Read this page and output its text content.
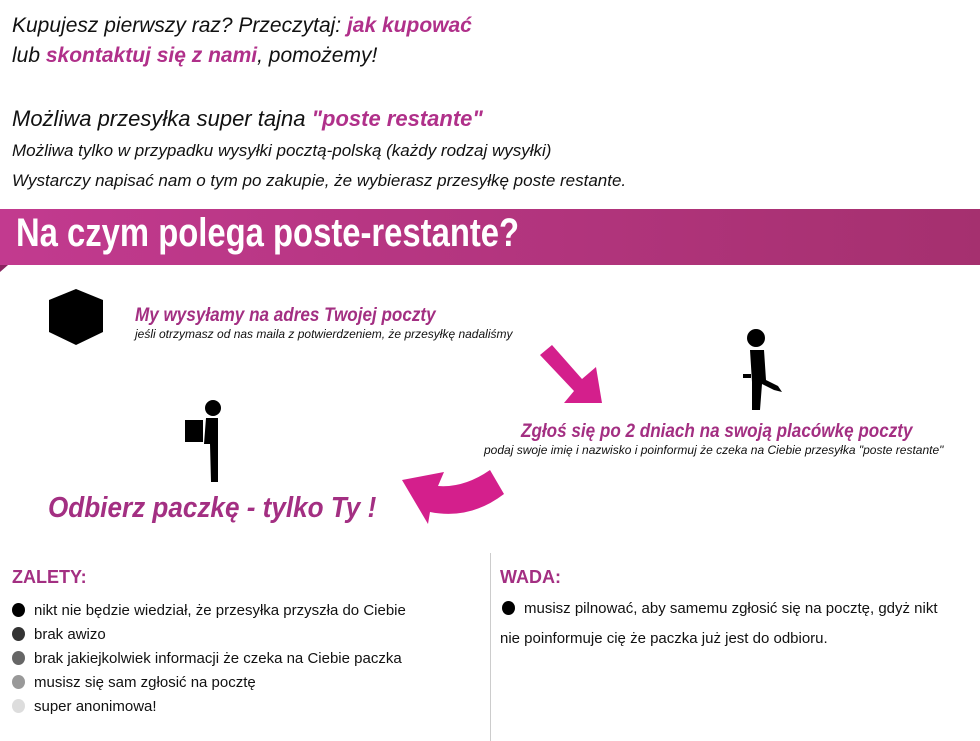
Kupujesz pierwszy raz? Przeczytaj: jak kupować
lub skontaktuj się z nami, pomożemy!
Możliwa przesyłka super tajna "poste restante"
Możliwa tylko w przypadku wysyłki pocztą-polską (każdy rodzaj wysyłki)
Wystarczy napisać nam o tym po zakupie, że wybierasz przesyłkę poste restante.
Na czym polega poste-restante?
My wysyłamy na adres Twojej poczty
jeśli otrzymasz od nas maila z potwierdzeniem, że przesyłkę nadaliśmy
Zgłoś się po 2 dniach na swoją placówkę poczty
podaj swoje imię i nazwisko i poinformuj że czeka na Ciebie przesyłka "poste restante"
Odbierz paczkę - tylko Ty !
ZALETY:
nikt nie będzie wiedział, że przesyłka przyszła do Ciebie
brak awizo
brak jakiejkolwiek informacji że czeka na Ciebie paczka
musisz się sam zgłosić na pocztę
super anonimowa!
WADA:
musisz pilnować, aby samemu zgłosić się na pocztę, gdyż nikt
nie poinformuje cię że paczka już jest do odbioru.
